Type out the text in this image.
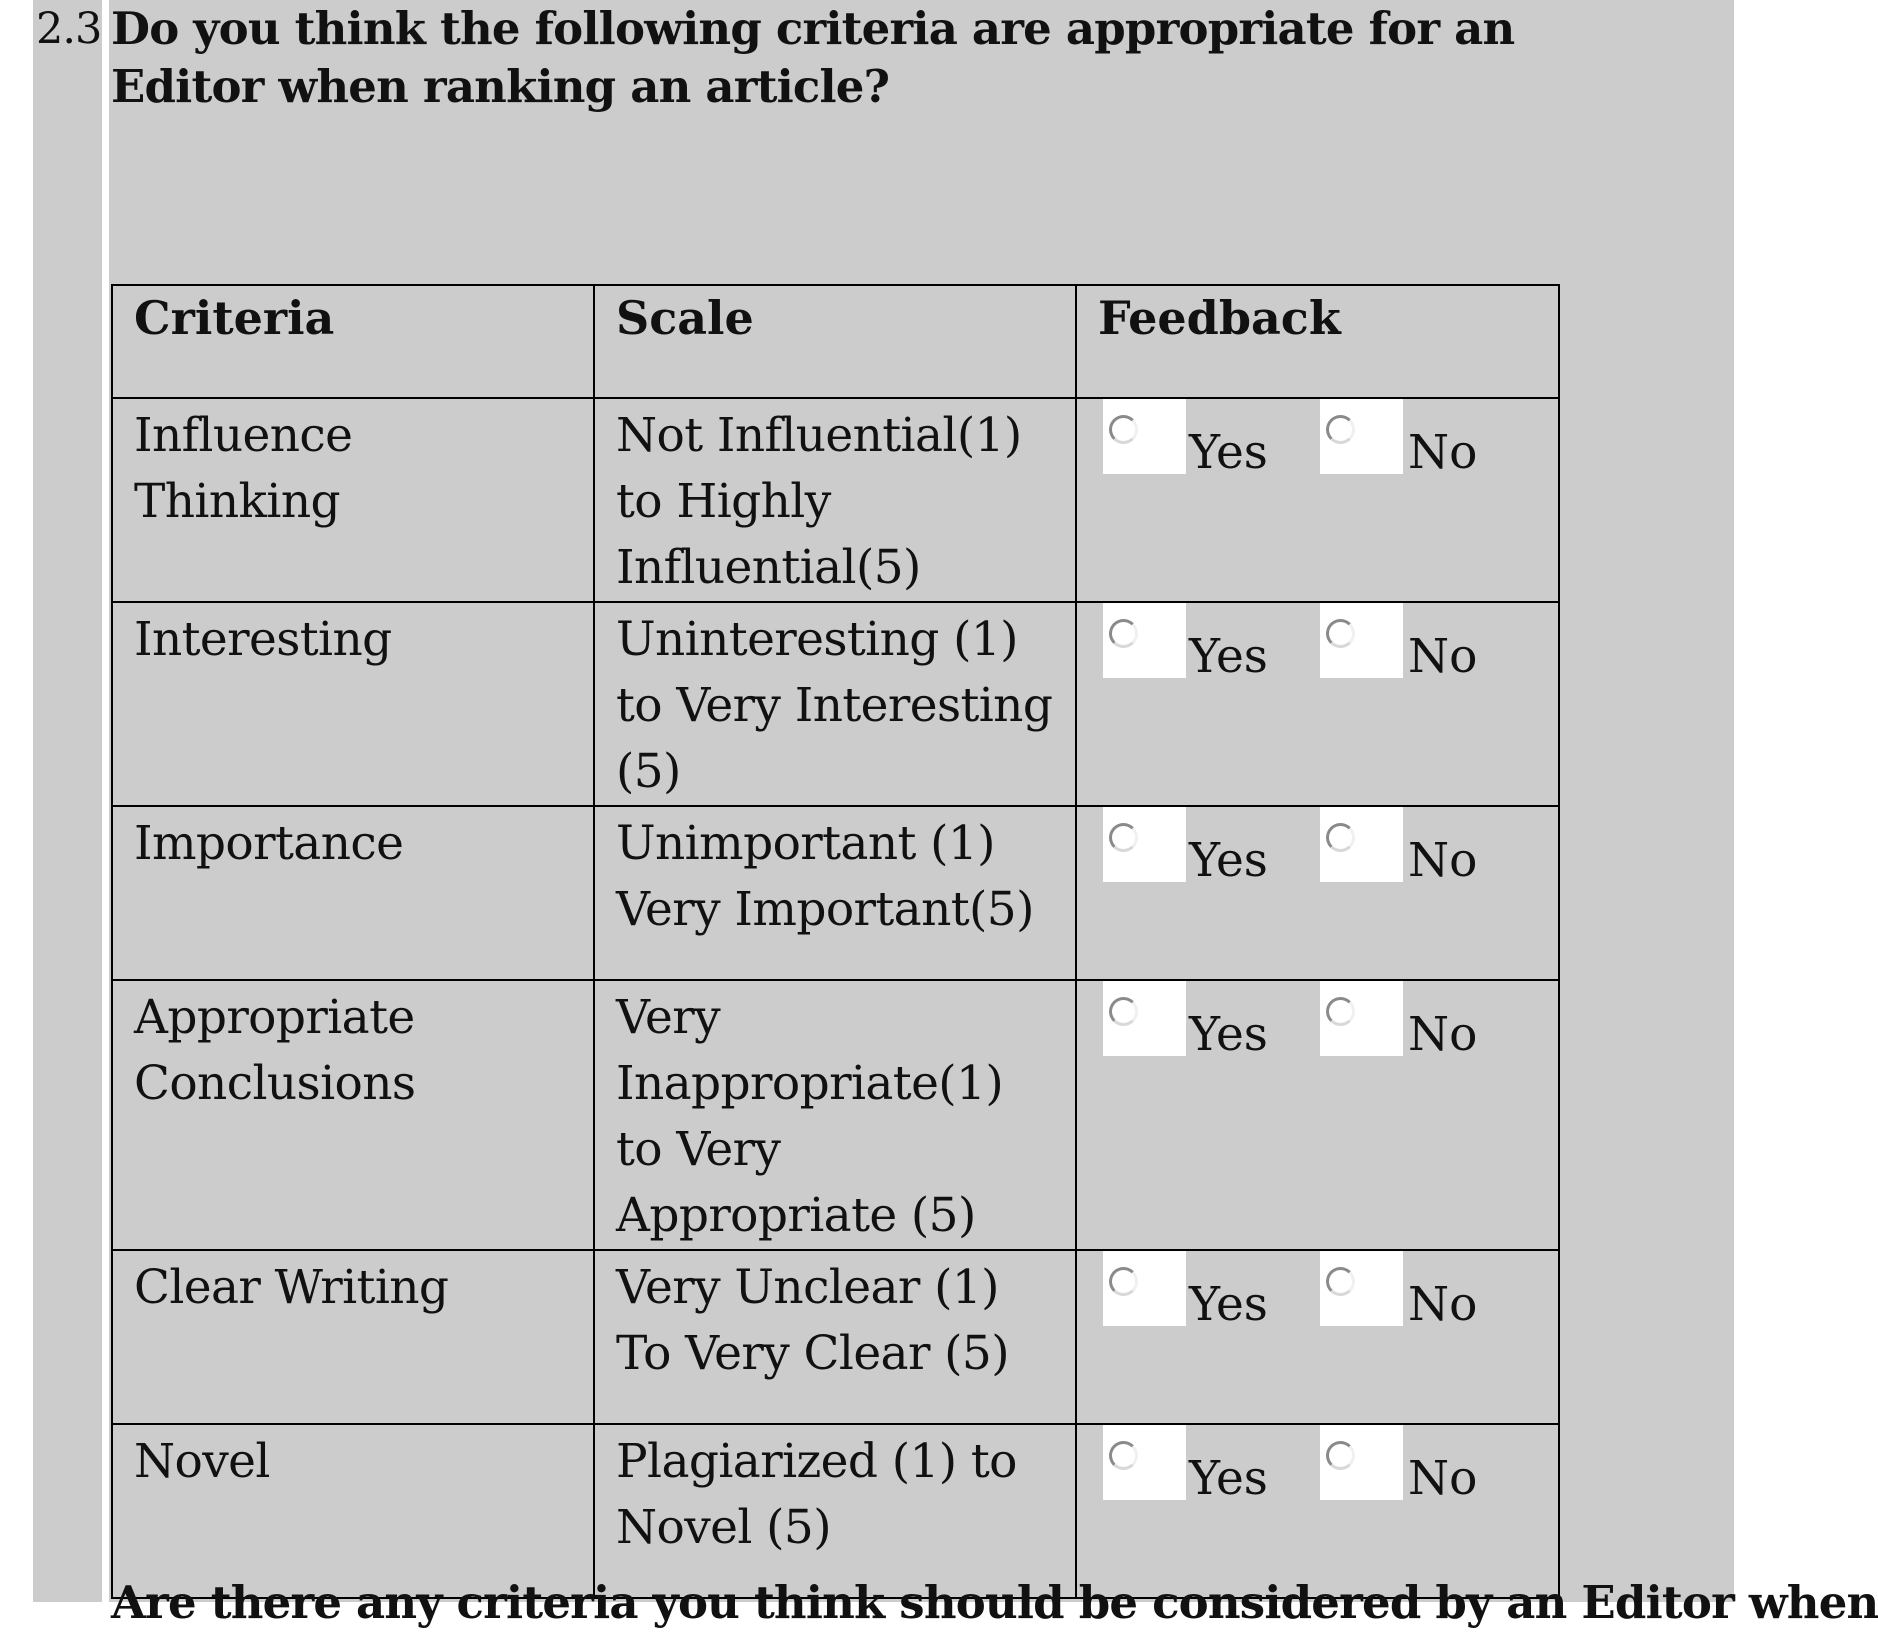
2.3 Do you think the following criteria are appropriate for an Editor when ranking an article?
Criteria	Scale	Feedback
Influence Thinking	Not Influential(1) to Highly Influential(5)	Yes No

Interesting	Uninteresting (1) to Very Interesting (5)	Yes No

Importance	Unimportant (1) Very Important(5)	Yes No

Appropriate Conclusions	Very Inappropriate(1) to Very Appropriate (5)	Yes No

Clear Writing	Very Unclear (1) To Very Clear (5)	Yes No

Novel	Plagiarized (1) to Novel (5)	Yes No
Are there any criteria you think should be considered by an Editor when
